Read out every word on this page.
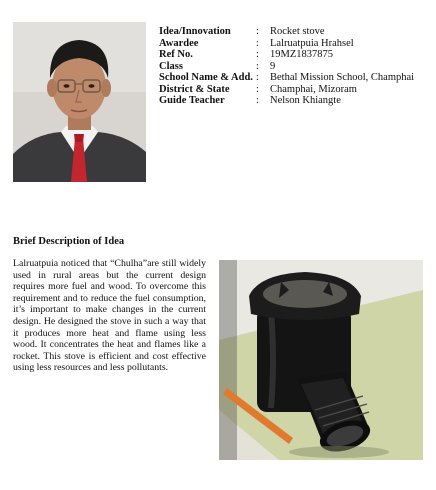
Idea/Innovation	:	Rocket stove
Awardee	:	Lalruatpuia Hrahsel
Ref No.	:	19MZ1837875
Class	:	9
School Name & Add. :	Bethal Mission School, Champhai
District & State	:	Champhai, Mizoram
Guide Teacher	:	Nelson Khiangte
Brief Description of Idea

Lalruatpuia noticed that “Chulha”are still widely used in rural areas but the current design requires more fuel and wood. To overcome this requirement and to reduce the fuel consumption, it’s important to make changes in the current design. He designed the stove in such a way that it produces more heat and flame using less wood. It concentrates the heat and flames like a rocket. This stove is efficient and cost effective using less resources and less pollutants.
